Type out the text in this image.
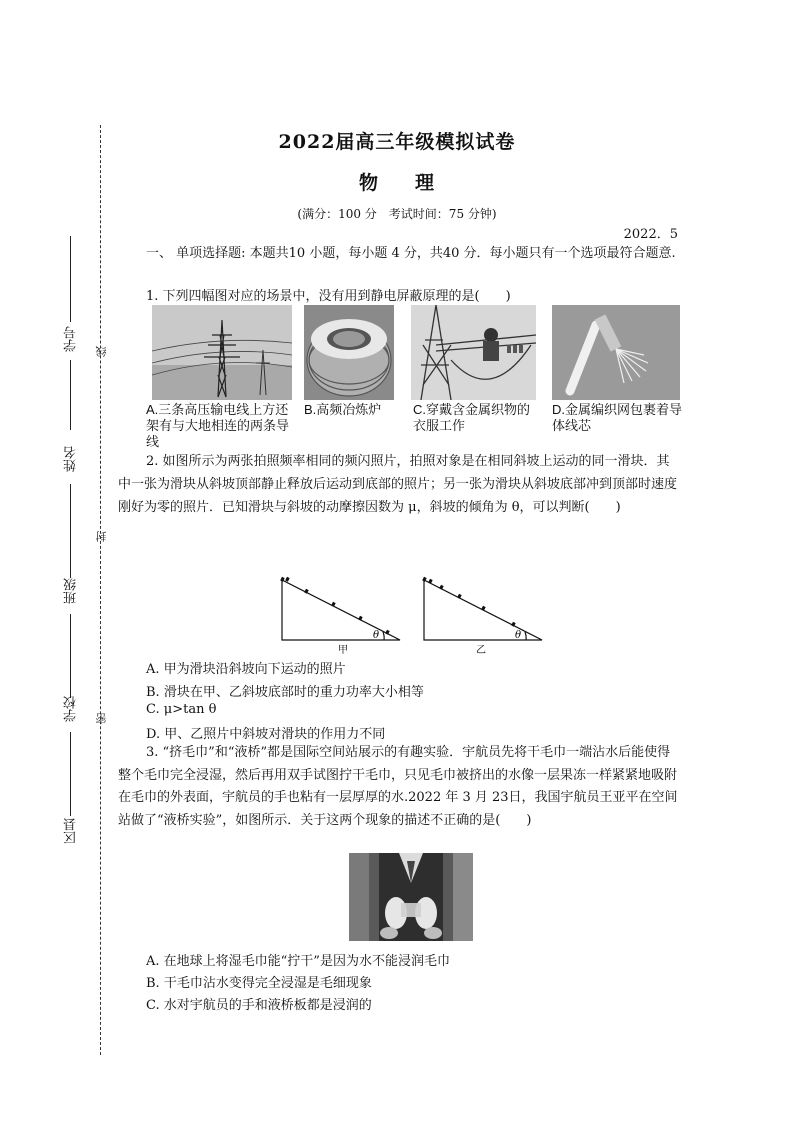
学号
姓名
班级
学校
区县
线
封
密
2022届高三年级模拟试卷
物 理
(满分：100 分　考试时间：75 分钟)
2022．5
一、 单项选择题: 本题共10 小题，每小题 4 分，共40 分．每小题只有一个选项最符合题意.
1. 下列四幅图对应的场景中，没有用到静电屏蔽原理的是(　　)
A.三条高压输电线上方还架有与大地相连的两条导线
B.高频冶炼炉	C.穿戴含金属织物的衣服工作
D.金属编织网包裹着导体线芯
2. 如图所示为两张拍照频率相同的频闪照片，拍照对象是在相同斜坡上运动的同一滑块．其中一张为滑块从斜坡顶部静止释放后运动到底部的照片；另一张为滑块从斜坡底部冲到顶部时速度刚好为零的照片．已知滑块与斜坡的动摩擦因数为 μ，斜坡的倾角为 θ，可以判断(　　)
θ
甲
θ
乙
A. 甲为滑块沿斜坡向下运动的照片
B. 滑块在甲、乙斜坡底部时的重力功率大小相等
C. μ>tan θ
D. 甲、乙照片中斜坡对滑块的作用力不同
3. “挤毛巾”和“液桥”都是国际空间站展示的有趣实验．宇航员先将干毛巾一端沾水后能使得整个毛巾完全浸湿，然后再用双手试图拧干毛巾，只见毛巾被挤出的水像一层果冻一样紧紧地吸附在毛巾的外表面，宇航员的手也粘有一层厚厚的水.2022 年 3 月 23日，我国宇航员王亚平在空间站做了“液桥实验”，如图所示．关于这两个现象的描述不正确的是(　　)
A. 在地球上将湿毛巾能“拧干”是因为水不能浸润毛巾
B. 干毛巾沾水变得完全浸湿是毛细现象
C. 水对宇航员的手和液桥板都是浸润的
